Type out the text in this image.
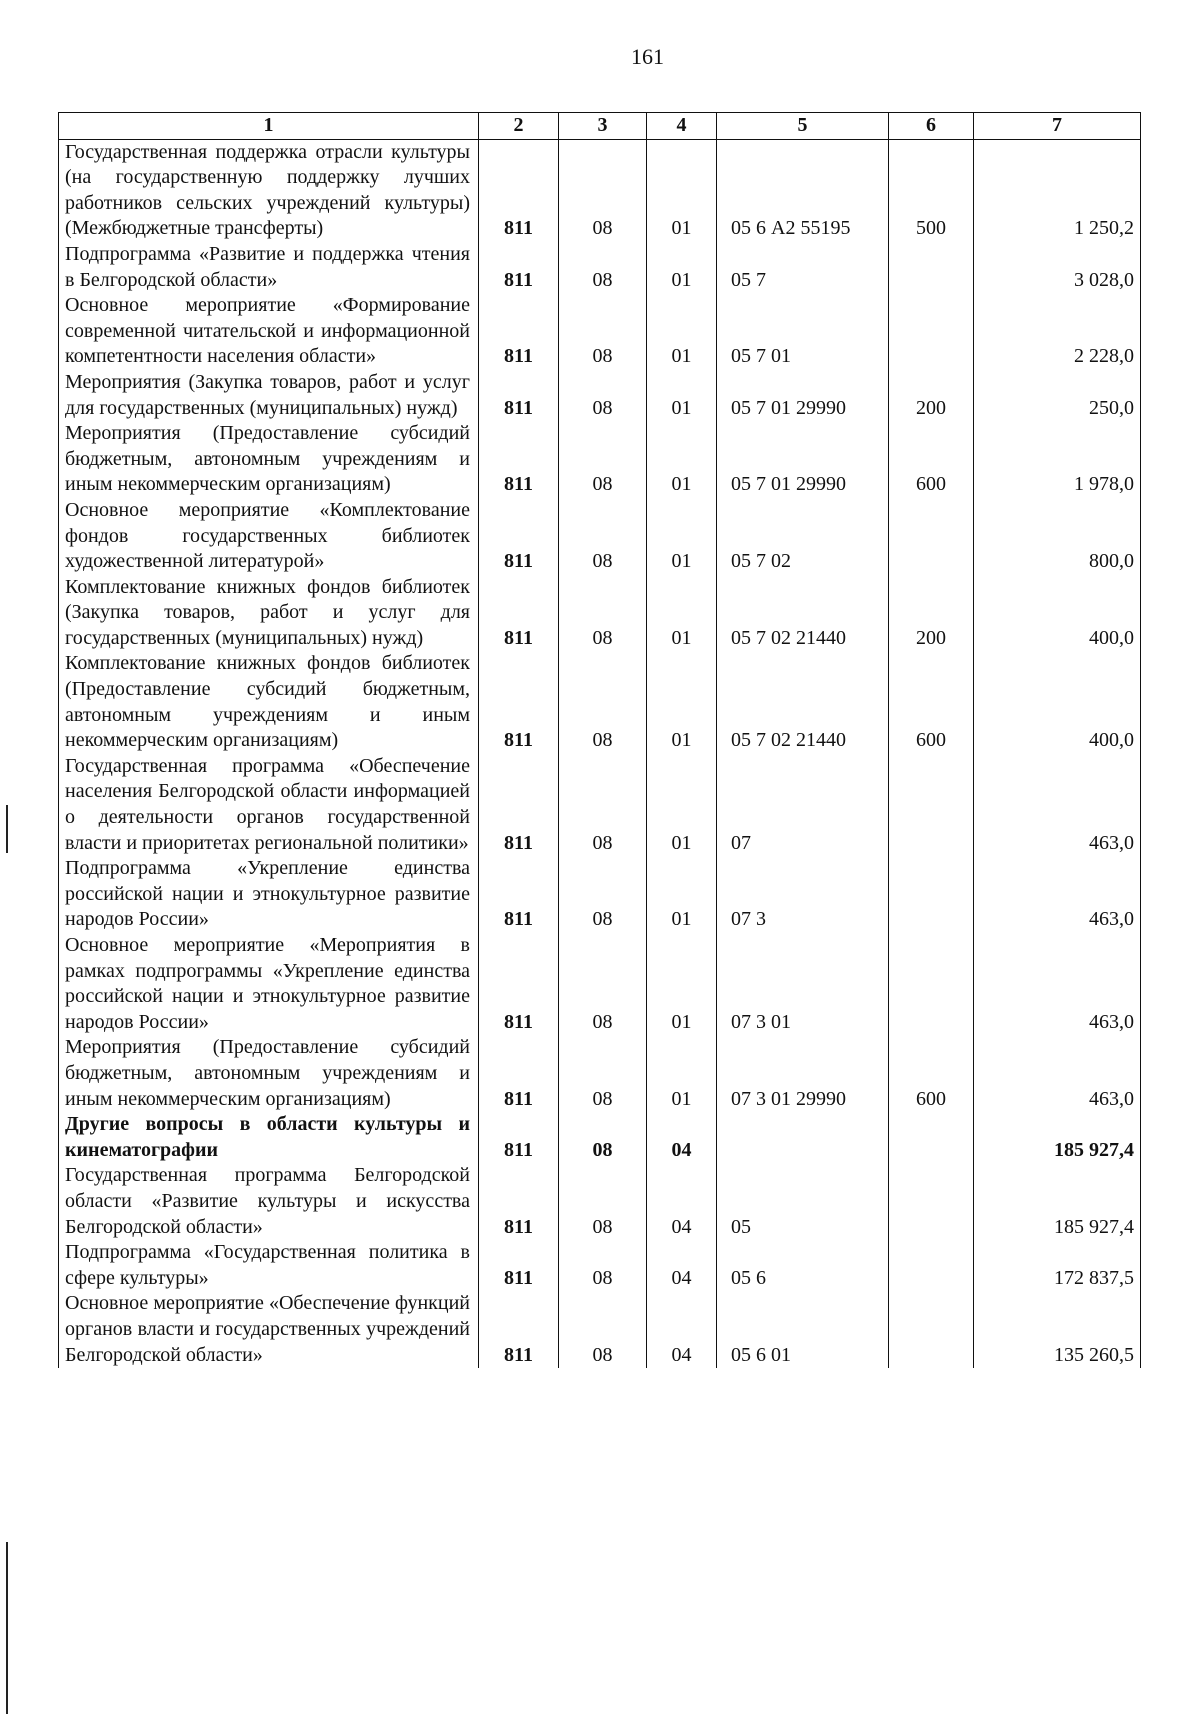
161
1	2	3	4	5	6	7
Государственная поддержка отрасли культуры (на государственную поддержку лучших работников сельских учреждений культуры) (Межбюджетные трансферты)	811	08	01	05 6 А2 55195	500	1 250,2
Подпрограмма «Развитие и поддержка чтения в Белгородской области»	811	08	01	05 7		3 028,0
Основное мероприятие «Формирование современной читательской и информационной компетентности населения области»	811	08	01	05 7 01		2 228,0
Мероприятия (Закупка товаров, работ и услуг для государственных (муниципальных) нужд)	811	08	01	05 7 01 29990	200	250,0
Мероприятия (Предоставление субсидий бюджетным, автономным учреждениям и иным некоммерческим организациям)	811	08	01	05 7 01 29990	600	1 978,0
Основное мероприятие «Комплектование фондов государственных библиотек художественной литературой»	811	08	01	05 7 02		800,0
Комплектование книжных фондов библиотек (Закупка товаров, работ и услуг для государственных (муниципальных) нужд)	811	08	01	05 7 02 21440	200	400,0
Комплектование книжных фондов библиотек (Предоставление субсидий бюджетным, автономным учреждениям и иным некоммерческим организациям)	811	08	01	05 7 02 21440	600	400,0
Государственная программа «Обеспечение населения Белгородской области информацией о деятельности органов государственной власти и приоритетах региональной политики»	811	08	01	07		463,0
Подпрограмма «Укрепление единства российской нации и этнокультурное развитие народов России»	811	08	01	07 3		463,0
Основное мероприятие «Мероприятия в рамках подпрограммы «Укрепление единства российской нации и этнокультурное развитие народов России»	811	08	01	07 3 01		463,0
Мероприятия (Предоставление субсидий бюджетным, автономным учреждениям и иным некоммерческим организациям)	811	08	01	07 3 01 29990	600	463,0
Другие вопросы в области культуры и кинематографии	811	08	04			185 927,4
Государственная программа Белгородской области «Развитие культуры и искусства Белгородской области»	811	08	04	05		185 927,4
Подпрограмма «Государственная политика в сфере культуры»	811	08	04	05 6		172 837,5
Основное мероприятие «Обеспечение функций органов власти и государственных учреждений Белгородской области»	811	08	04	05 6 01		135 260,5
